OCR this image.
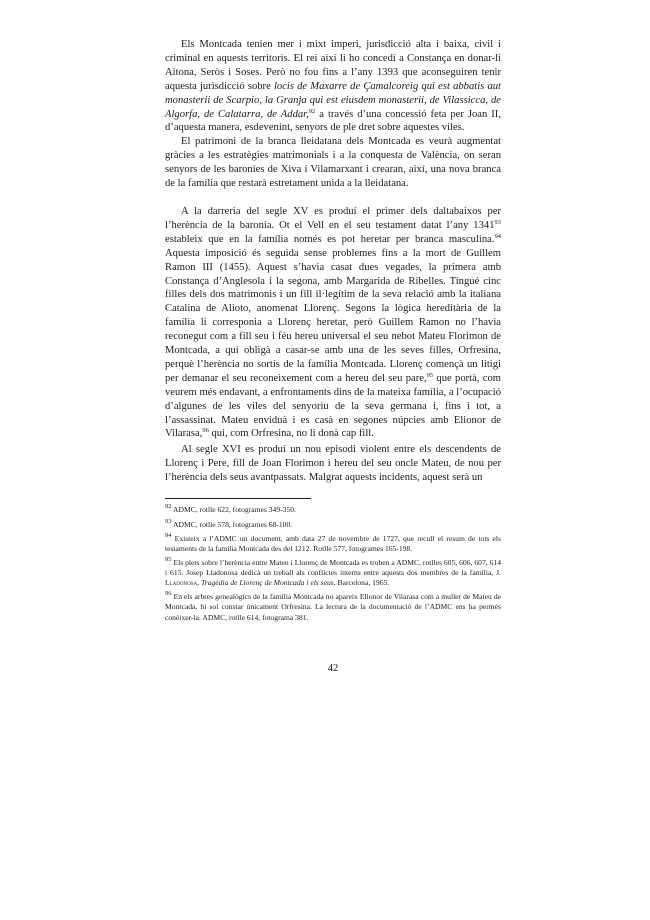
Els Montcada tenien mer i mixt imperi, jurisdicció alta i baixa, civil i criminal en aquests territoris. El rei així li ho concedí a Constança en donar-li Aitona, Seròs i Soses. Però no fou fins a l’any 1393 que aconseguiren tenir aquesta jurisdicció sobre locis de Maxarre de Çamalcoreig qui est abbatis aut monasterii de Scarpio, la Granja qui est eiusdem monasterii, de Vilassicca, de Algorfa, de Calatarra, de Addar,$^{92}$ a través d’una concessió feta per Joan II, d’aquesta manera, esdevenint, senyors de ple dret sobre aquestes viles.

El patrimoni de la branca lleidatana dels Montcada es veurà augmentat gràcies a les estratègies matrimonials i a la conquesta de València, on seran senyors de les baronies de Xiva i Vilamarxant i crearan, així, una nova branca de la família que restarà estretament unida a la lleidatana.

A la darreria del segle XV es produí el primer dels daltabaixos per l’herència de la baronia. Ot el Vell en el seu testament datat l’any 1341$^{93}$ estableix que en la família només es pot heretar per branca masculina.$^{94}$ Aquesta imposició és seguida sense problemes fins a la mort de Guillem Ramon III (1455). Aquest s’havia casat dues vegades, la primera amb Constança d’Anglesola i la segona, amb Margarida de Ribelles. Tingué cinc filles dels dos matrimonis i un fill il·legítim de la seva relació amb la italiana Catalina de Alioto, anomenat Llorenç. Segons la lògica hereditària de la família li corresponia a Llorenç heretar, però Guillem Ramon no l’havia reconegut com a fill seu i féu hereu universal el seu nebot Mateu Florimon de Montcada, a qui obligà a casar-se amb una de les seves filles, Orfresina, perquè l’herència no sortís de la família Montcada. Llorenç començà un litigi per demanar el seu reconeixement com a hereu del seu pare,$^{95}$ que portà, com veurem més endavant, a enfrontaments dins de la mateixa família, a l’ocupació d’algunes de les viles del senyoriu de la seva germana i, fins i tot, a l’assassinat. Mateu enviduà i es casà en segones núpcies amb Elionor de Vilarasa,$^{96}$ qui, com Orfresina, no li donà cap fill.

Al segle XVI es produí un nou episodi violent entre els descendents de Llorenç i Pere, fill de Joan Florimon i hereu del seu oncle Mateu, de nou per l’herència dels seus avantpassats. Malgrat aquests incidents, aquest serà un

$^{92}$ ADMC, rotlle 622, fotogrames 349-350.

$^{93}$ ADMC, rotlle 578, fotogrames 68-100.

$^{94}$ Existeix a l’ADMC un document, amb data 27 de novembre de 1727, que recull el resum de tots els testaments de la família Montcada des del 1212. Rotlle 577, fotogrames 165-198.

$^{95}$ Els plets sobre l’herència entre Mateu i Llorenç de Montcada es troben a ADMC, rotlles 605, 606, 607, 614 i 615. Josep Lladonosa dedicà un treball als conflictes interns entre aquests dos membres de la família, J. Lladonosa, Tragèdia de Llorenç de Montcada i els seus, Barcelona, 1965.

$^{96}$ En els arbres genealògics de la família Montcada no apareix Elionor de Vilarasa com a muller de Mateu de Montcada, hi sol constar únicament Orfresina. La lectura de la documentació de l’ADMC ens ha permès conèixer-la. ADMC, rotlle 614, fotograma 381.

42
